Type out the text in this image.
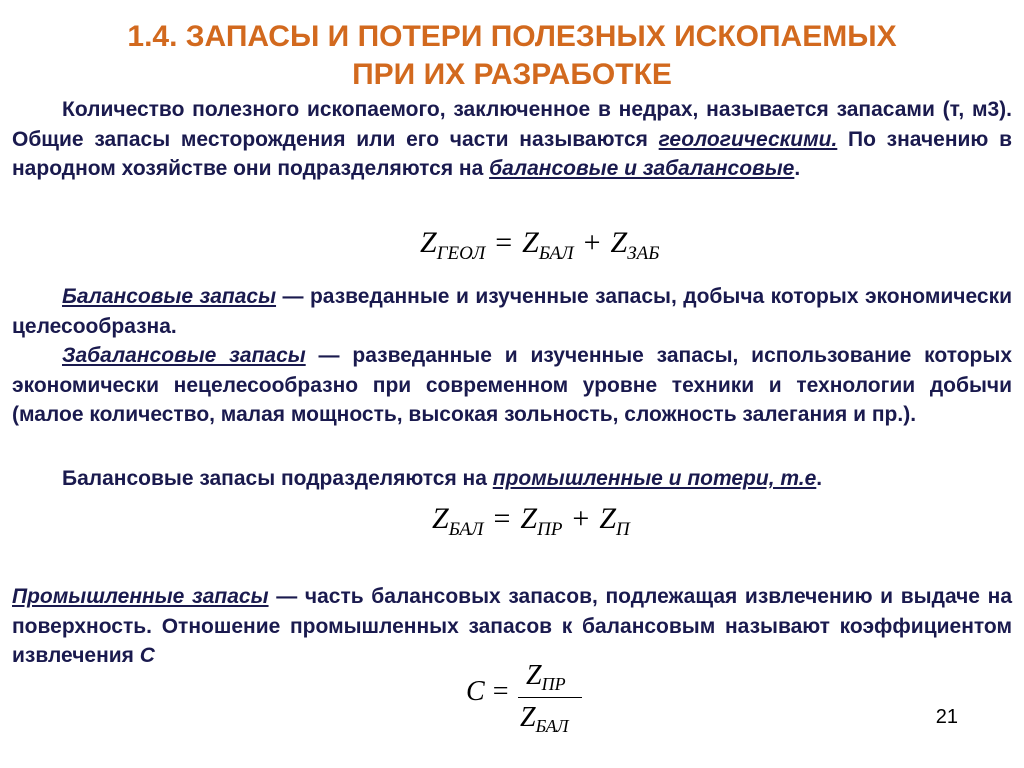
1.4. ЗАПАСЫ И ПОТЕРИ ПОЛЕЗНЫХ ИСКОПАЕМЫХ
ПРИ ИХ РАЗРАБОТКЕ
Количество полезного ископаемого, заключенное в недрах, называется запасами (т, м3). Общие запасы месторождения или его части называются геологическими. По значению в народном хозяйстве они подразделяются на балансовые и забалансовые.
$Z_{ГЕОЛ} = Z_{БАЛ} + Z_{ЗАБ}$
Балансовые запасы — разведанные и изученные запасы, добыча которых экономически целесообразна.
Забалансовые запасы — разведанные и изученные запасы, использование которых экономически нецелесообразно при современном уровне техники и технологии добычи (малое количество, малая мощность, высокая зольность, сложность залегания и пр.).
Балансовые запасы подразделяются на промышленные и потери, т.е.
$Z_{БАЛ} = Z_{ПР} + Z_П$
Промышленные запасы — часть балансовых запасов, подлежащая извлечению и выдаче на поверхность. Отношение промышленных запасов к балансовым называют коэффициентом извлечения С
C =
$Z_{ПР}$
$Z_{БАЛ}$	21
